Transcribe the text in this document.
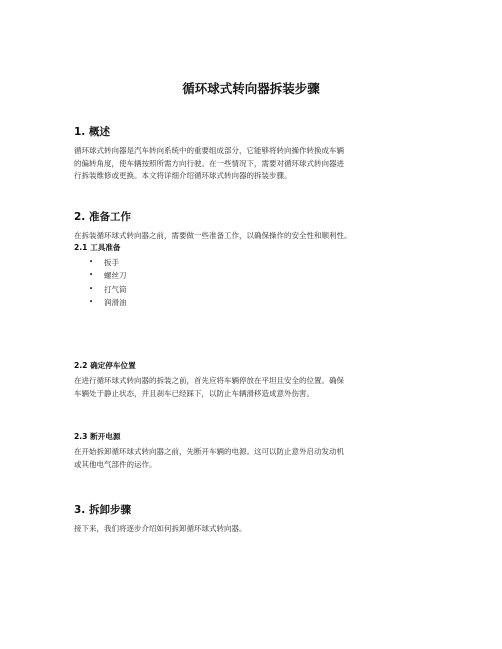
循环球式转向器拆装步骤
1. 概述
循环球式转向器是汽车转向系统中的重要组成部分，它能够将转向操作转换成车辆
的偏转角度，使车辆按照所需方向行驶。在一些情况下，需要对循环球式转向器进
行拆装维修或更换。本文将详细介绍循环球式转向器的拆装步骤。
2. 准备工作
在拆装循环球式转向器之前，需要做一些准备工作，以确保操作的安全性和顺利性。
2.1 工具准备
• 扳手
• 螺丝刀
• 打气筒
• 润滑油
2.2 确定停车位置
在进行循环球式转向器的拆装之前，首先应将车辆停放在平坦且安全的位置。确保
车辆处于静止状态，并且刹车已经踩下，以防止车辆滑移造成意外伤害。
2.3 断开电源
在开始拆卸循环球式转向器之前，先断开车辆的电源。这可以防止意外启动发动机
或其他电气部件的运作。
3. 拆卸步骤
接下来，我们将逐步介绍如何拆卸循环球式转向器。
